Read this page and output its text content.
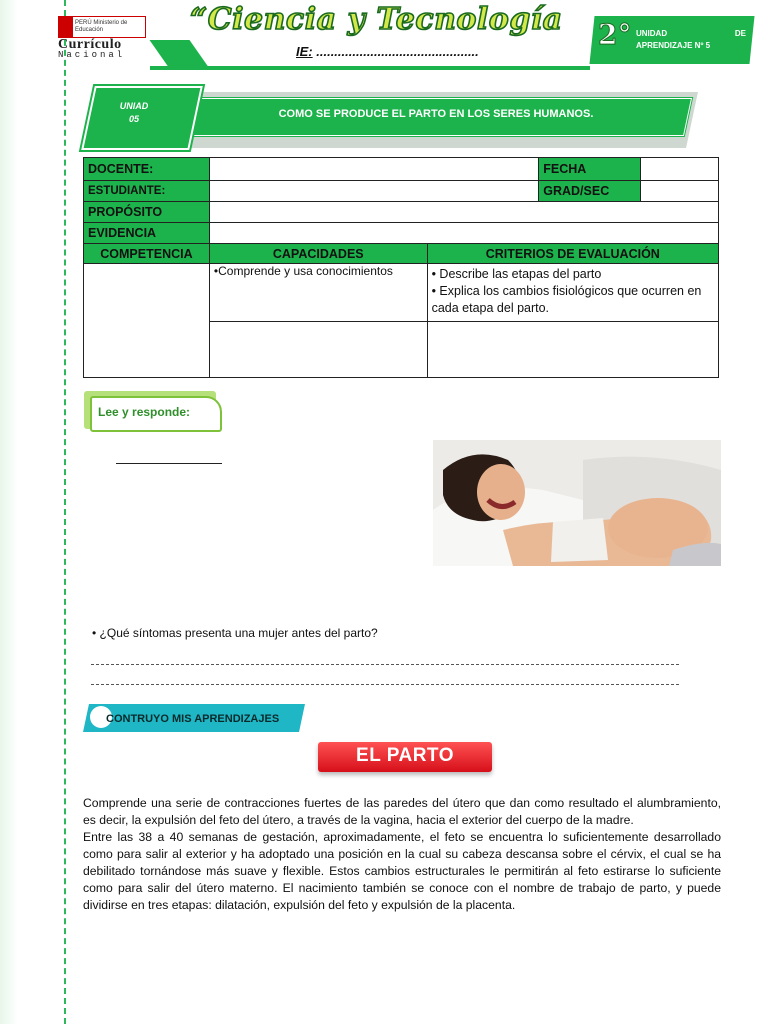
PERÚ Ministerio de Educación
Currículo
Nacional
“Ciencia y Tecnología
IE: .............................................
2° UNIDAD	DE
APRENDIZAJE Nº 5
UNIAD
05	COMO SE PRODUCE EL PARTO EN LOS SERES HUMANOS.
DOCENTE:			FECHA	
ESTUDIANTE:			GRAD/SEC	
PROPÓSITO				
EVIDENCIA				
COMPETENCIA	CAPACIDADES	CRITERIOS DE EVALUACIÓN		
	•Comprende y usa conocimientos	• Describe las etapas del parto
• Explica los cambios fisiológicos que ocurren en cada etapa del parto.		

Lee y responde:
• ¿Qué síntomas presenta una mujer antes del parto?
CONTRUYO MIS APRENDIZAJES
EL PARTO

Comprende una serie de contracciones fuertes de las paredes del útero que dan como resultado el alumbramiento, es decir, la expulsión del feto del útero, a través de la vagina, hacia el exterior del cuerpo de la madre.

Entre las 38 a 40 semanas de gestación, aproximadamente, el feto se encuentra lo suficientemente desarrollado como para salir al exterior y ha adoptado una posición en la cual su cabeza descansa sobre el cérvix, el cual se ha debilitado tornándose más suave y flexible. Estos cambios estructurales le permitirán al feto estirarse lo suficiente como para salir del útero materno. El nacimiento también se conoce con el nombre de trabajo de parto, y puede dividirse en tres etapas: dilatación, expulsión del feto y expulsión de la placenta.
